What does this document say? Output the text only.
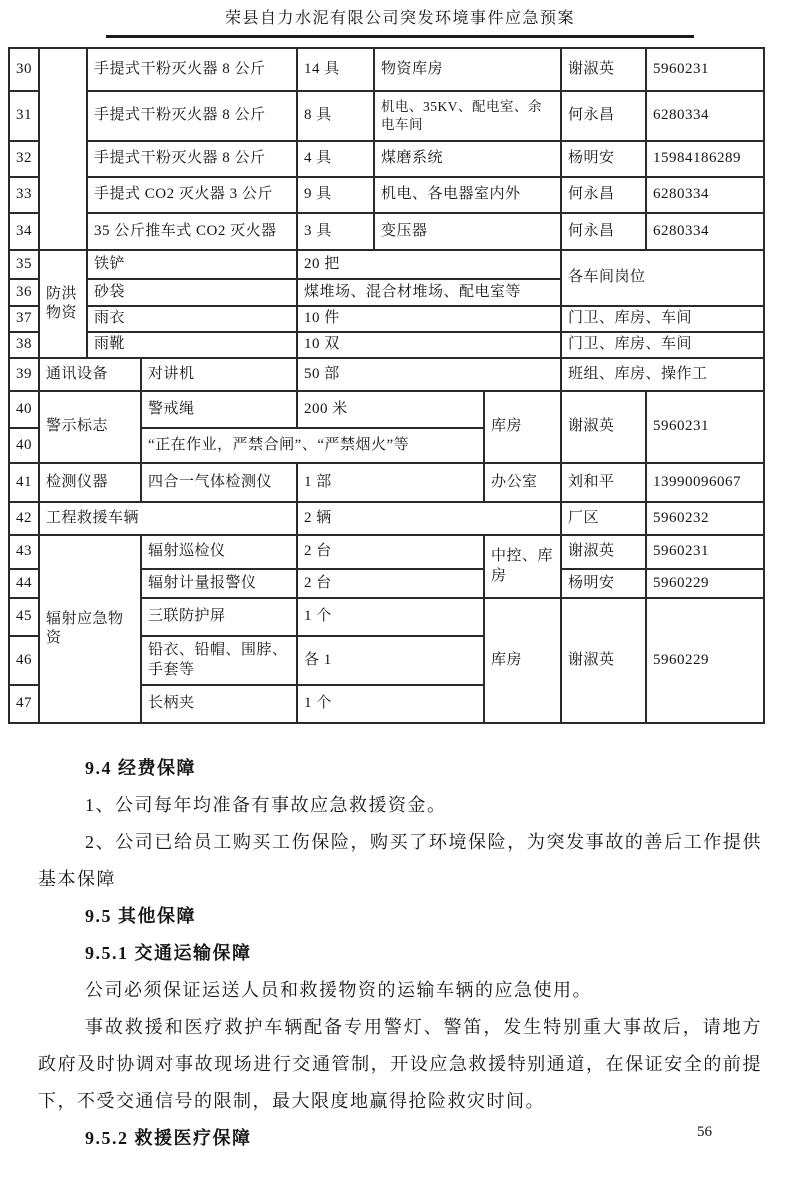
荣县自力水泥有限公司突发环境事件应急预案
30		手提式干粉灭火器 8 公斤		14 具	物资库房		谢淑英	5960231
31		手提式干粉灭火器 8 公斤		8 具	机电、35KV、配电室、余电车间		何永昌	6280334
32		手提式干粉灭火器 8 公斤		4 具	煤磨系统		杨明安	15984186289
33		手提式 CO2 灭火器 3 公斤		9 具	机电、各电器室内外		何永昌	6280334
34		35 公斤推车式 CO2 灭火器		3 具	变压器		何永昌	6280334
35	防洪物资	铁铲		20 把			各车间岗位	
36		砂袋		煤堆场、混合材堆场、配电室等				
37		雨衣		10 件			门卫、库房、车间	
38		雨靴		10 双			门卫、库房、车间	
39	通讯设备		对讲机	50 部			班组、库房、操作工	
40	警示标志		警戒绳	200 米		库房	谢淑英	5960231
40			“正在作业，严禁合闸”、“严禁烟火”等					
41	检测仪器		四合一气体检测仪	1 部		办公室	刘和平	13990096067
42	工程救援车辆			2 辆			厂区	5960232
43	辐射应急物资		辐射巡检仪	2 台		中控、库房	谢淑英	5960231
44			辐射计量报警仪	2 台			杨明安	5960229
45			三联防护屏	1 个		库房	谢淑英	5960229
46			铅衣、铅帽、围脖、手套等	各 1				
47			长柄夹	1 个				
9.4 经费保障

1、公司每年均准备有事故应急救援资金。

2、公司已给员工购买工伤保险，购买了环境保险，为突发事故的善后工作提供基本保障

9.5 其他保障
9.5.1 交通运输保障

公司必须保证运送人员和救援物资的运输车辆的应急使用。

事故救援和医疗救护车辆配备专用警灯、警笛，发生特别重大事故后，请地方政府及时协调对事故现场进行交通管制，开设应急救援特别通道，在保证安全的前提下，不受交通信号的限制，最大限度地赢得抢险救灾时间。

9.5.2 救援医疗保障	56
